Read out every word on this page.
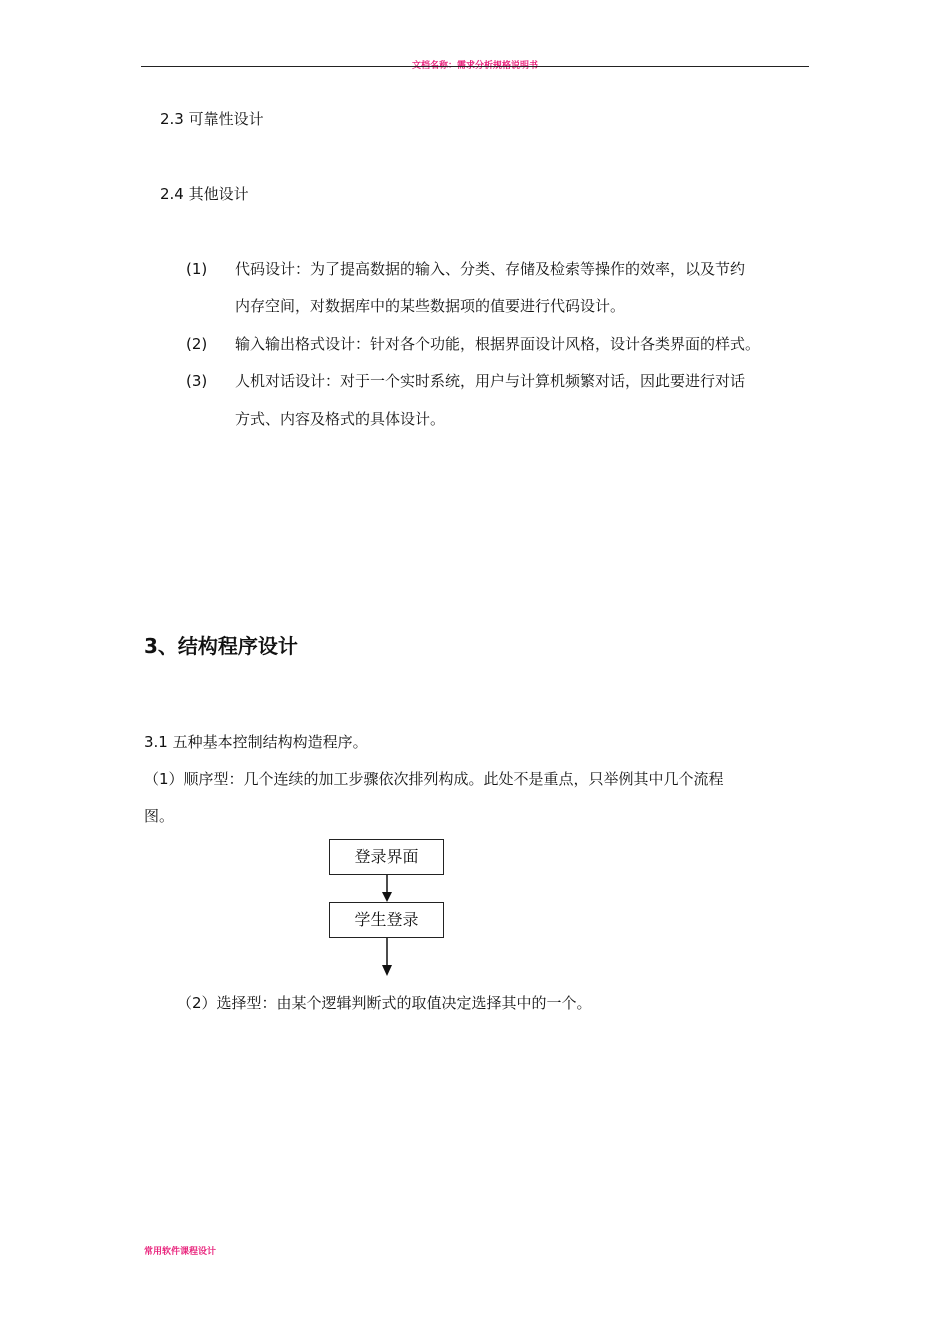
文档名称：需求分析规格说明书
2.3 可靠性设计
2.4 其他设计
(1) 代码设计：为了提高数据的输入、分类、存储及检索等操作的效率，以及节约
内存空间，对数据库中的某些数据项的值要进行代码设计。
(2) 输入输出格式设计：针对各个功能，根据界面设计风格，设计各类界面的样式。
(3) 人机对话设计：对于一个实时系统，用户与计算机频繁对话，因此要进行对话
方式、内容及格式的具体设计。
3、结构程序设计
3.1 五种基本控制结构构造程序。
（1）顺序型：几个连续的加工步骤依次排列构成。此处不是重点，只举例其中几个流程
图。
登录界面
学生登录
（2）选择型：由某个逻辑判断式的取值决定选择其中的一个。
常用软件课程设计
